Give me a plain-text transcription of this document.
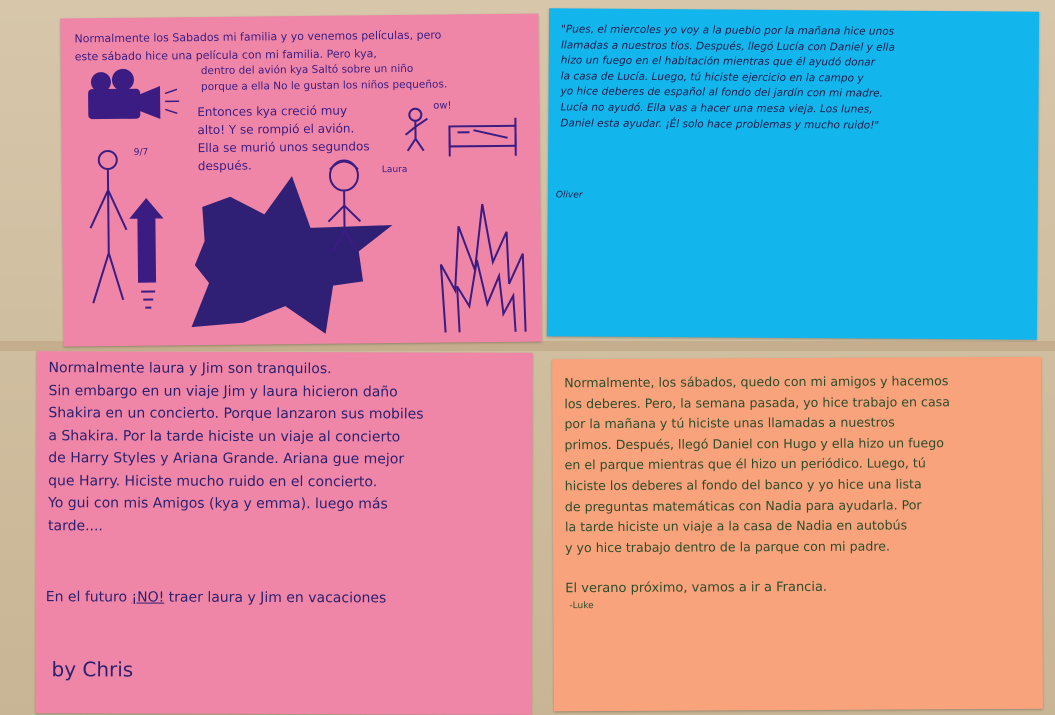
Normalmente los Sabados mi familia y yo venemos películas, pero
este sábado hice una película con mi familia. Pero kya,
dentro del avión kya Saltó sobre un niño
porque a ella No le gustan los niños pequeños.
Entonces kya creció muy
alto! Y se rompió el avión.
Ella se murió unos segundos
después.	Laura
ow!
9/7
"Pues, el miercoles yo voy a la pueblo por la mañana hice unos
llamadas a nuestros tíos. Después, llegó Lucía con Daniel y ella
hizo un fuego en el habitación mientras que él ayudó donar
la casa de Lucía. Luego, tú hiciste ejercicio en la campo y
yo hice deberes de español al fondo del jardín con mi madre.
Lucía no ayudó. Ella vas a hacer una mesa vieja. Los lunes,
Daniel esta ayudar. ¡Él solo hace problemas y mucho ruido!"
Oliver
Normalmente laura y Jim son tranquilos.
Sin embargo en un viaje Jim y laura hicieron daño
Shakira en un concierto. Porque lanzaron sus mobiles
a Shakira. Por la tarde hiciste un viaje al concierto
de Harry Styles y Ariana Grande. Ariana gue mejor
que Harry. Hiciste mucho ruido en el concierto.
Yo gui con mis Amigos (kya y emma). luego más
tarde....
En el futuro ¡NO! traer laura y Jim en vacaciones
by Chris
Normalmente, los sábados, quedo con mi amigos y hacemos
los deberes. Pero, la semana pasada, yo hice trabajo en casa
por la mañana y tú hiciste unas llamadas a nuestros
primos. Después, llegó Daniel con Hugo y ella hizo un fuego
en el parque mientras que él hizo un periódico. Luego, tú
hiciste los deberes al fondo del banco y yo hice una lista
de preguntas matemáticas con Nadia para ayudarla. Por
la tarde hiciste un viaje a la casa de Nadia en autobús
y yo hice trabajo dentro de la parque con mi padre.
El verano próximo, vamos a ir a Francia.
-Luke
